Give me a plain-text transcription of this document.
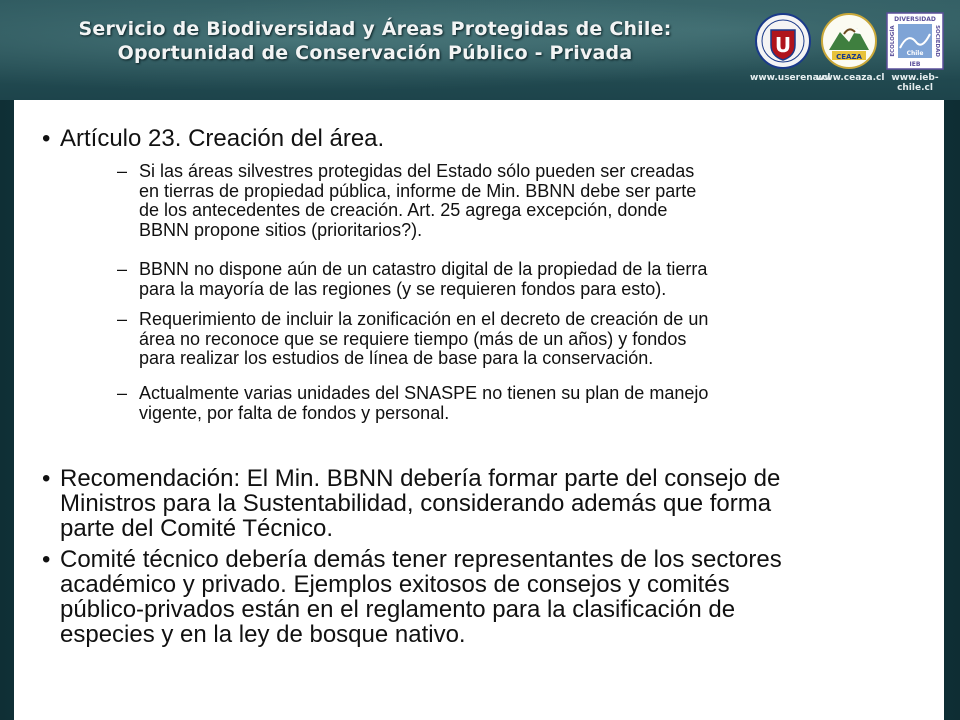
Servicio de Biodiversidad y Áreas Protegidas de Chile:
Oportunidad de Conservación Público - Privada	U
www.userena.cl
CEAZA
www.ceaza.cl
DIVERSIDAD
IEB
ECOLOGÍA	SOCIEDAD
Chile
www.ieb-chile.cl
• Artículo 23. Creación del área.
– Si las áreas silvestres protegidas del Estado sólo pueden ser creadas
en tierras de propiedad pública, informe de Min. BBNN debe ser parte
de los antecedentes de creación. Art. 25 agrega excepción, donde
BBNN propone sitios (prioritarios?).
– BBNN no dispone aún de un catastro digital de la propiedad de la tierra
para la mayoría de las regiones (y se requieren fondos para esto).
– Requerimiento de incluir la zonificación en el decreto de creación de un
área no reconoce que se requiere tiempo (más de un años) y fondos
para realizar los estudios de línea de base para la conservación.
– Actualmente varias unidades del SNASPE no tienen su plan de manejo
vigente, por falta de fondos y personal.
• Recomendación: El Min. BBNN debería formar parte del consejo de
Ministros para la Sustentabilidad, considerando además que forma
parte del Comité Técnico.
• Comité técnico debería demás tener representantes de los sectores
académico y privado. Ejemplos exitosos de consejos y comités
público-privados están en el reglamento para la clasificación de
especies y en la ley de bosque nativo.
